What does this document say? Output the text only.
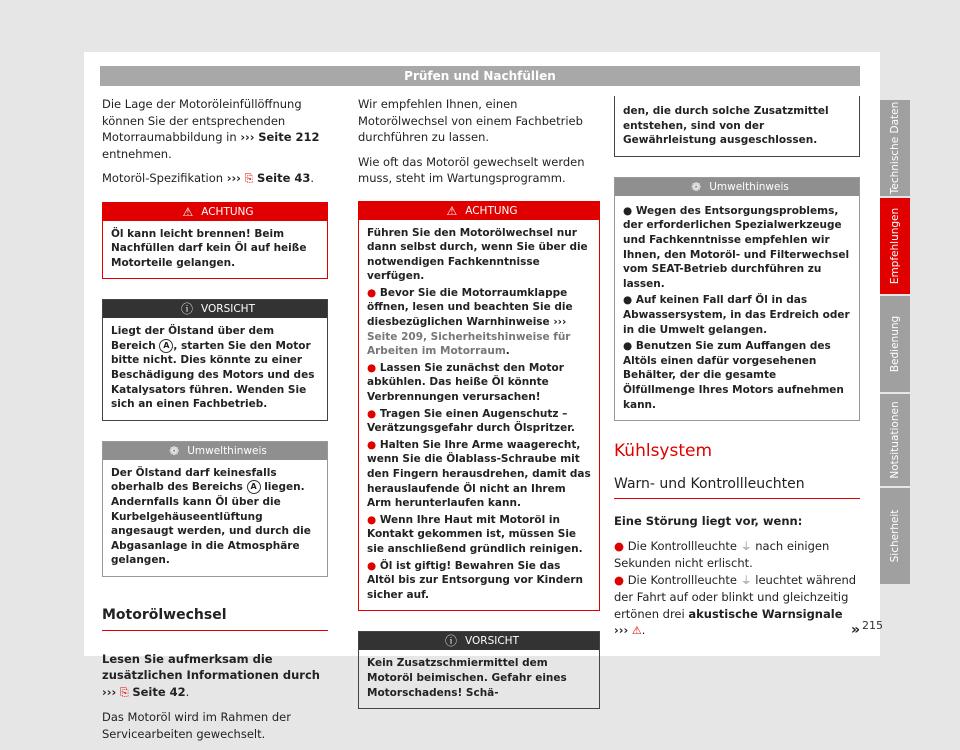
Prüfen und Nachfüllen

Die Lage der Motoröleinfüllöffnung können Sie der entsprechenden Motorraumabbildung in ››› Seite 212 entnehmen.

Motoröl-Spezifikation ››› ⎘ Seite 43.

⚠ ACHTUNG
Öl kann leicht brennen! Beim Nachfüllen darf kein Öl auf heiße Motorteile gelangen.
ⓘ VORSICHT
Liegt der Ölstand über dem Bereich A , starten Sie den Motor bitte nicht. Dies könnte zu einer Beschädigung des Motors und des Katalysators führen. Wenden Sie sich an einen Fachbetrieb.
❁ Umwelthinweis
Der Ölstand darf keinesfalls oberhalb des Bereichs A liegen. Andernfalls kann Öl über die Kurbelgehäuseentlüftung angesaugt werden, und durch die Abgasanlage in die Atmosphäre gelangen.
Motorölwechsel

Lesen Sie aufmerksam die zusätzlichen Informationen durch ››› ⎘ Seite 42.

Das Motoröl wird im Rahmen der Servicearbeiten gewechselt.

Wir empfehlen Ihnen, einen Motorölwechsel von einem Fachbetrieb durchführen zu lassen.

Wie oft das Motoröl gewechselt werden muss, steht im Wartungsprogramm.

⚠ ACHTUNG
Führen Sie den Motorölwechsel nur dann selbst durch, wenn Sie über die notwendigen Fachkenntnisse verfügen.
● Bevor Sie die Motorraumklappe öffnen, lesen und beachten Sie die diesbezüglichen Warnhinweise ››› Seite 209, Sicherheitshinweise für Arbeiten im Motorraum.
● Lassen Sie zunächst den Motor abkühlen. Das heiße Öl könnte Verbrennungen verursachen!
● Tragen Sie einen Augenschutz – Verätzungsgefahr durch Ölspritzer.
● Halten Sie Ihre Arme waagerecht, wenn Sie die Ölablass-Schraube mit den Fingern herausdrehen, damit das herauslaufende Öl nicht an Ihrem Arm herunterlaufen kann.
● Wenn Ihre Haut mit Motoröl in Kontakt gekommen ist, müssen Sie sie anschließend gründlich reinigen.
● Öl ist giftig! Bewahren Sie das Altöl bis zur Entsorgung vor Kindern sicher auf.
ⓘ VORSICHT
Kein Zusatzschmiermittel dem Motoröl beimischen. Gefahr eines Motorschadens! Schä-
den, die durch solche Zusatzmittel entstehen, sind von der Gewährleistung ausgeschlossen.
❁ Umwelthinweis
● Wegen des Entsorgungsproblems, der erforderlichen Spezialwerkzeuge und Fachkenntnisse empfehlen wir Ihnen, den Motoröl- und Filterwechsel vom SEAT-Betrieb durchführen zu lassen.
● Auf keinen Fall darf Öl in das Abwassersystem, in das Erdreich oder in die Umwelt gelangen.
● Benutzen Sie zum Auffangen des Altöls einen dafür vorgesehenen Behälter, der die gesamte Ölfüllmenge Ihres Motors aufnehmen kann.
Kühlsystem
Warn- und Kontrollleuchten

Eine Störung liegt vor, wenn:

● Die Kontrollleuchte ⏚ nach einigen Sekunden nicht erlischt.

● Die Kontrollleuchte ⏚ leuchtet während der Fahrt auf oder blinkt und gleichzeitig ertönen drei akustische Warnsignale ››› ⚠.	»

Technische Daten
Empfehlungen
Bedienung
Notsituationen
Sicherheit
215
